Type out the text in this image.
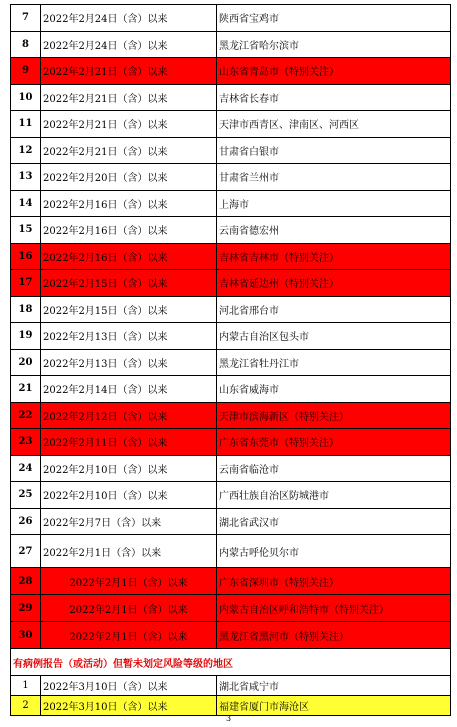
7	2022年2月24日（含）以来	陕西省宝鸡市
8	2022年2月24日（含）以来	黑龙江省哈尔滨市
9	2022年2月21日（含）以来	山东省青岛市（特别关注）
10	2022年2月21日（含）以来	吉林省长春市
11	2022年2月21日（含）以来	天津市西青区、津南区、河西区
12	2022年2月21日（含）以来	甘肃省白银市
13	2022年2月20日（含）以来	甘肃省兰州市
14	2022年2月16日（含）以来	上海市
15	2022年2月16日（含）以来	云南省德宏州
16	2022年2月16日（含）以来	吉林省吉林市（特别关注）
17	2022年2月15日（含）以来	吉林省延边州（特别关注）
18	2022年2月15日（含）以来	河北省邢台市
19	2022年2月13日（含）以来	内蒙古自治区包头市
20	2022年2月13日（含）以来	黑龙江省牡丹江市
21	2022年2月14日（含）以来	山东省威海市
22	2022年2月12日（含）以来	天津市滨海新区（特别关注）
23	2022年2月11日（含）以来	广东省东莞市（特别关注）
24	2022年2月10日（含）以来	云南省临沧市
25	2022年2月10日（含）以来	广西壮族自治区防城港市
26	2022年2月7日（含）以来	湖北省武汉市
27	2022年2月1日（含）以来	内蒙古呼伦贝尔市
28	2022年2月1日（含）以来	广东省深圳市（特别关注）
29	2022年2月1日（含）以来	内蒙古自治区呼和浩特市（特别关注）
30	2022年2月1日（含）以来	黑龙江省黑河市（特别关注）
有病例报告（或活动）但暂未划定风险等级的地区		
1	2022年3月10日（含）以来	湖北省咸宁市
2	2022年3月10日（含）以来	福建省厦门市海沧区
3
